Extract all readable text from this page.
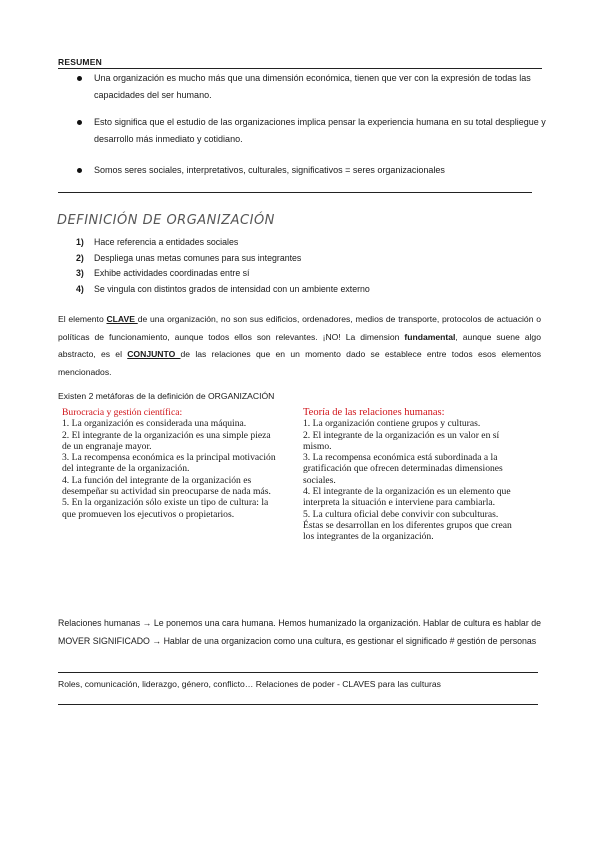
RESUMEN
Una organización es mucho más que una dimensión económica, tienen que ver con la expresión de todas las capacidades del ser humano.
Esto significa que el estudio de las organizaciones implica pensar la experiencia humana en su total despliegue y desarrollo más inmediato y cotidiano.
Somos seres sociales, interpretativos, culturales, significativos = seres organizacionales
DEFINICIÓN DE ORGANIZACIÓN
1) Hace referencia a entidades sociales
2) Despliega unas metas comunes para sus integrantes
3) Exhibe actividades coordinadas entre sí
4) Se vingula con distintos grados de intensidad con un ambiente externo

El elemento CLAVE de una organización, no son sus edificios, ordenadores, medios de transporte, protocolos de actuación o políticas de funcionamiento, aunque todos ellos son relevantes. ¡NO! La dimension fundamental, aunque suene algo abstracto, es el CONJUNTO de las relaciones que en un momento dado se establece entre todos esos elementos mencionados.

Existen 2 metáforas de la definición de ORGANIZACIÓN

Burocracia y gestión científica:

1. La organización es considerada una máquina.

2. El integrante de la organización es una simple pieza de un engranaje mayor.

3. La recompensa económica es la principal motivación del integrante de la organización.

4. La función del integrante de la organización es desempeñar su actividad sin preocuparse de nada más.

5. En la organización sólo existe un tipo de cultura: la que promueven los ejecutivos o propietarios.

Teoría de las relaciones humanas:

1. La organización contiene grupos y culturas.

2. El integrante de la organización es un valor en sí mismo.

3. La recompensa económica está subordinada a la gratificación que ofrecen determinadas dimensiones sociales.

4. El integrante de la organización es un elemento que interpreta la situación e interviene para cambiarla.

5. La cultura oficial debe convivir con subculturas. Éstas se desarrollan en los diferentes grupos que crean los integrantes de la organización.

Relaciones humanas → Le ponemos una cara humana. Hemos humanizado la organización. Hablar de cultura es hablar de MOVER SIGNIFICADO → Hablar de una organizacion como una cultura, es gestionar el significado # gestión de personas

Roles, comunicación, liderazgo, género, conflicto… Relaciones de poder - CLAVES para las culturas
